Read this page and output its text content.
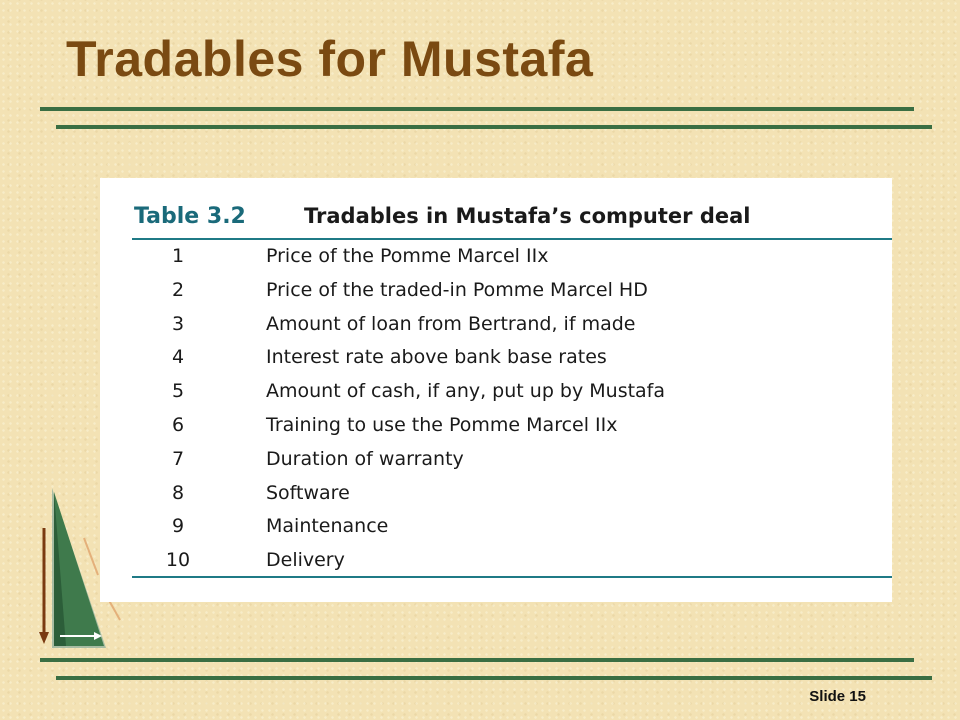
Tradables for Mustafa
Table 3.2	Tradables in Mustafa’s computer deal
1	Price of the Pomme Marcel IIx
2	Price of the traded-in Pomme Marcel HD
3	Amount of loan from Bertrand, if made
4	Interest rate above bank base rates
5	Amount of cash, if any, put up by Mustafa
6	Training to use the Pomme Marcel IIx
7	Duration of warranty
8	Software
9	Maintenance
10	Delivery
Slide 15
